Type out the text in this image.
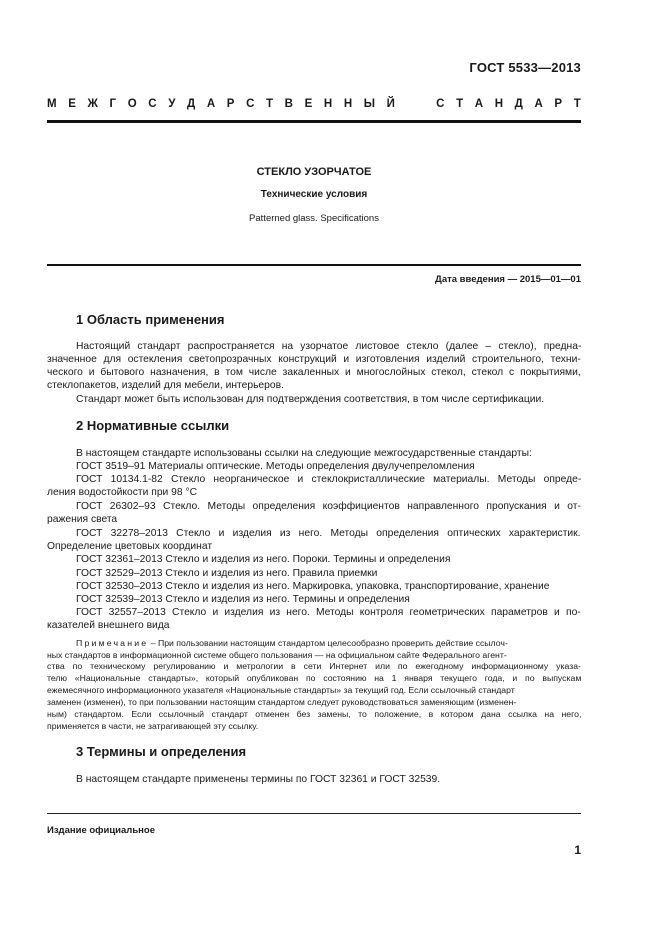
ГОСТ 5533—2013
М Е Ж Г О С У Д А Р С Т В Е Н Н Ы Й	С Т А Н Д А Р Т
СТЕКЛО УЗОРЧАТОЕ
Технические условия
Patterned glass. Specifications
Дата введения — 2015—01—01
1 Область применения
Настоящий стандарт распространяется на узорчатое листовое стекло (далее – стекло), предна-
значенное для остекления светопрозрачных конструкций и изготовления изделий строительного, техни-
ческого и бытового назначения, в том числе закаленных и многослойных стекол, стекол с покрытиями,
стеклопакетов, изделий для мебели, интерьеров.
Стандарт может быть использован для подтверждения соответствия, в том числе сертификации.
2 Нормативные ссылки
В настоящем стандарте использованы ссылки на следующие межгосударственные стандарты:
ГОСТ 3519–91 Материалы оптические. Методы определения двулучепреломления
ГОСТ 10134.1-82 Стекло неорганическое и стеклокристаллические материалы. Методы опреде-
ления водостойкости при 98 °С
ГОСТ 26302–93 Стекло. Методы определения коэффициентов направленного пропускания и от-
ражения света
ГОСТ 32278–2013 Стекло и изделия из него. Методы определения оптических характеристик.
Определение цветовых координат
ГОСТ 32361–2013 Стекло и изделия из него. Пороки. Термины и определения
ГОСТ 32529–2013 Стекло и изделия из него. Правила приемки
ГОСТ 32530–2013 Стекло и изделия из него. Маркировка, упаковка, транспортирование, хранение
ГОСТ 32539–2013 Стекло и изделия из него. Термины и определения
ГОСТ 32557–2013 Стекло и изделия из него. Методы контроля геометрических параметров и по-
казателей внешнего вида
Примечание – При пользовании настоящим стандартом целесообразно проверить действие ссылоч-
ных стандартов в информационной системе общего пользования — на официальном сайте Федерального агент-
ства по техническому регулированию и метрологии в сети Интернет или по ежегодному информационному указа-
телю «Национальные стандарты», который опубликован по состоянию на 1 января текущего года, и по выпускам
ежемесячного информационного указателя «Национальные стандарты» за текущий год. Если ссылочный стандарт
заменен (изменен), то при пользовании настоящим стандартом следует руководствоваться заменяющим (изменен-
ным) стандартом. Если ссылочный стандарт отменен без замены, то положение, в котором дана ссылка на него,
применяется в части, не затрагивающей эту ссылку.
3 Термины и определения
В настоящем стандарте применены термины по ГОСТ 32361 и ГОСТ 32539.
Издание официальное
1
